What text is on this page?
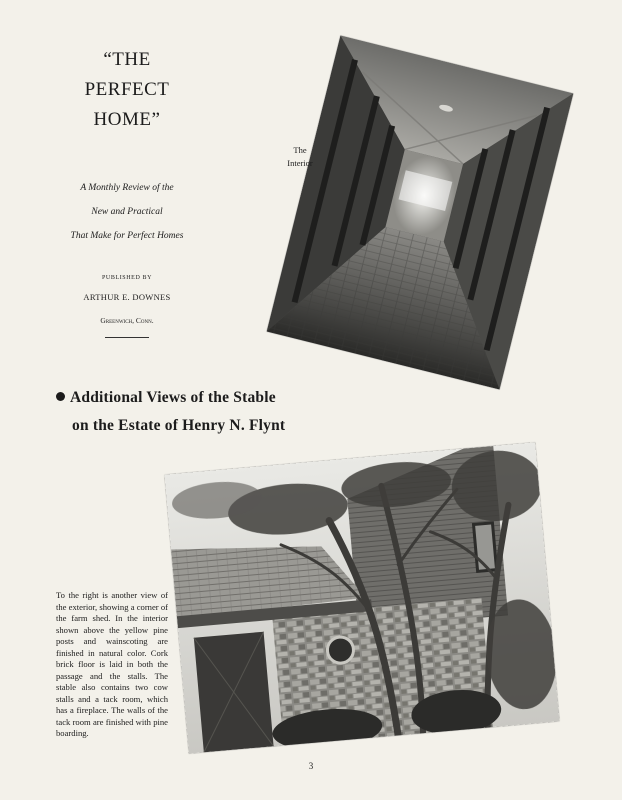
“THE
PERFECT
HOME”
A Monthly Review of the
New and Practical
That Make for Perfect Homes
PUBLISHED BY
ARTHUR E. DOWNES
Greenwich, Conn.
The
Interior
Additional Views of the Stable
on the Estate of Henry N. Flynt
To the right is another view of the exterior, showing a corner of the farm shed. In the interior shown above the yellow pine posts and wainscoting are finished in natural color. Cork brick floor is laid in both the passage and the stalls. The stable also contains two cow stalls and a tack room, which has a fireplace. The walls of the tack room are finished with pine boarding.
3
